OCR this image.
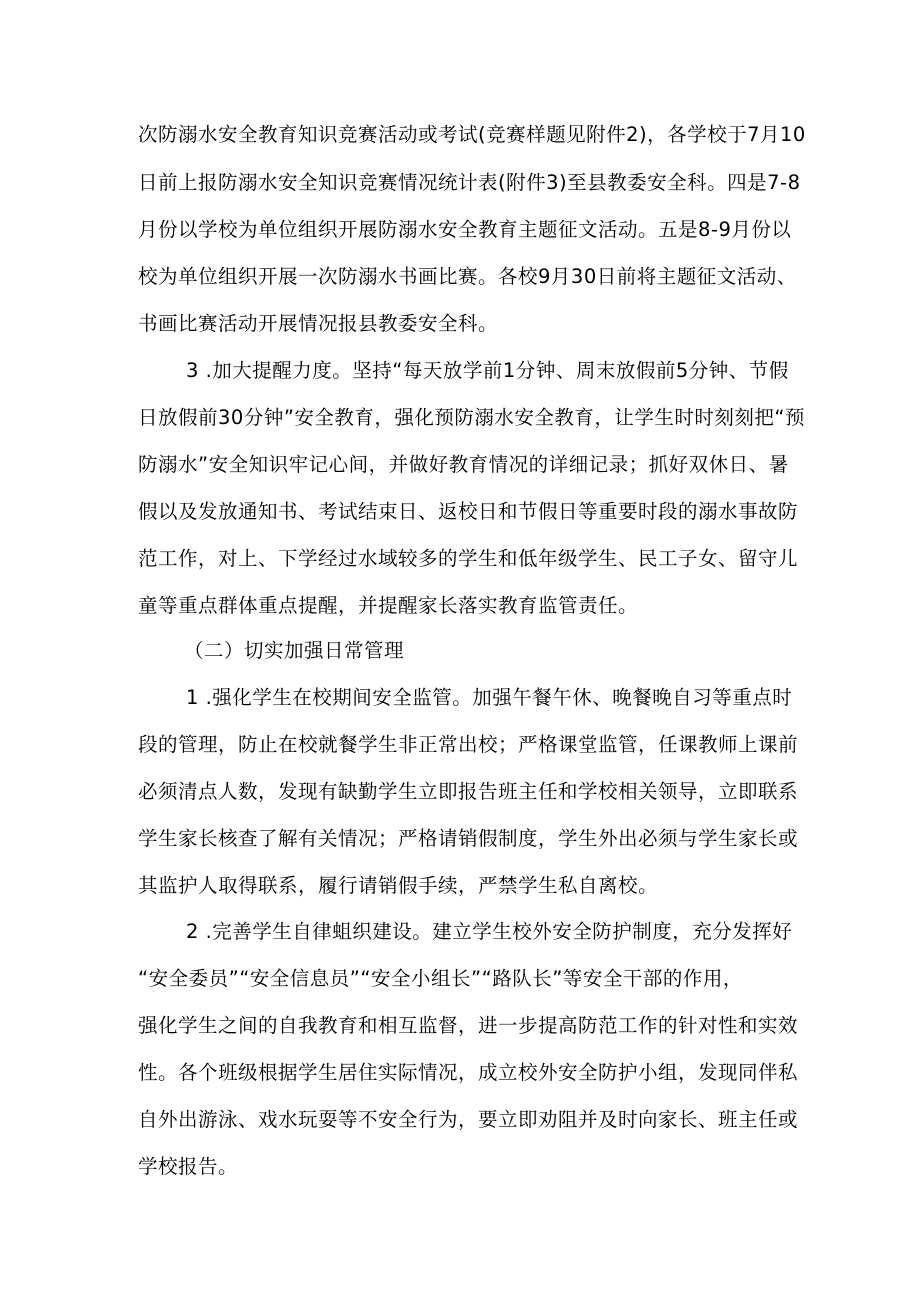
次防溺水安全教育知识竞赛活动或考试(竞赛样题见附件2)，各学校于7月10
日前上报防溺水安全知识竞赛情况统计表(附件3)至县教委安全科。四是7-8
月份以学校为单位组织开展防溺水安全教育主题征文活动。五是8-9月份以
校为单位组织开展一次防溺水书画比赛。各校9月30日前将主题征文活动、
书画比赛活动开展情况报县教委安全科。
3 .加大提醒力度。坚持“每天放学前1分钟、周末放假前5分钟、节假
日放假前30分钟”安全教育，强化预防溺水安全教育，让学生时时刻刻把“预
防溺水”安全知识牢记心间，并做好教育情况的详细记录；抓好双休日、暑
假以及发放通知书、考试结束日、返校日和节假日等重要时段的溺水事故防
范工作，对上、下学经过水域较多的学生和低年级学生、民工子女、留守儿
童等重点群体重点提醒，并提醒家长落实教育监管责任。
（二）切实加强日常管理
1 .强化学生在校期间安全监管。加强午餐午休、晚餐晚自习等重点时
段的管理，防止在校就餐学生非正常出校；严格课堂监管，任课教师上课前
必须清点人数，发现有缺勤学生立即报告班主任和学校相关领导，立即联系
学生家长核查了解有关情况；严格请销假制度，学生外出必须与学生家长或
其监护人取得联系，履行请销假手续，严禁学生私自离校。
2 .完善学生自律蛆织建设。建立学生校外安全防护制度，充分发挥好
“安全委员”“安全信息员”“安全小组长”“路队长”等安全干部的作用，
强化学生之间的自我教育和相互监督，进一步提高防范工作的针对性和实效
性。各个班级根据学生居住实际情况，成立校外安全防护小组，发现同伴私
自外出游泳、戏水玩耍等不安全行为，要立即劝阻并及时向家长、班主任或
学校报告。
